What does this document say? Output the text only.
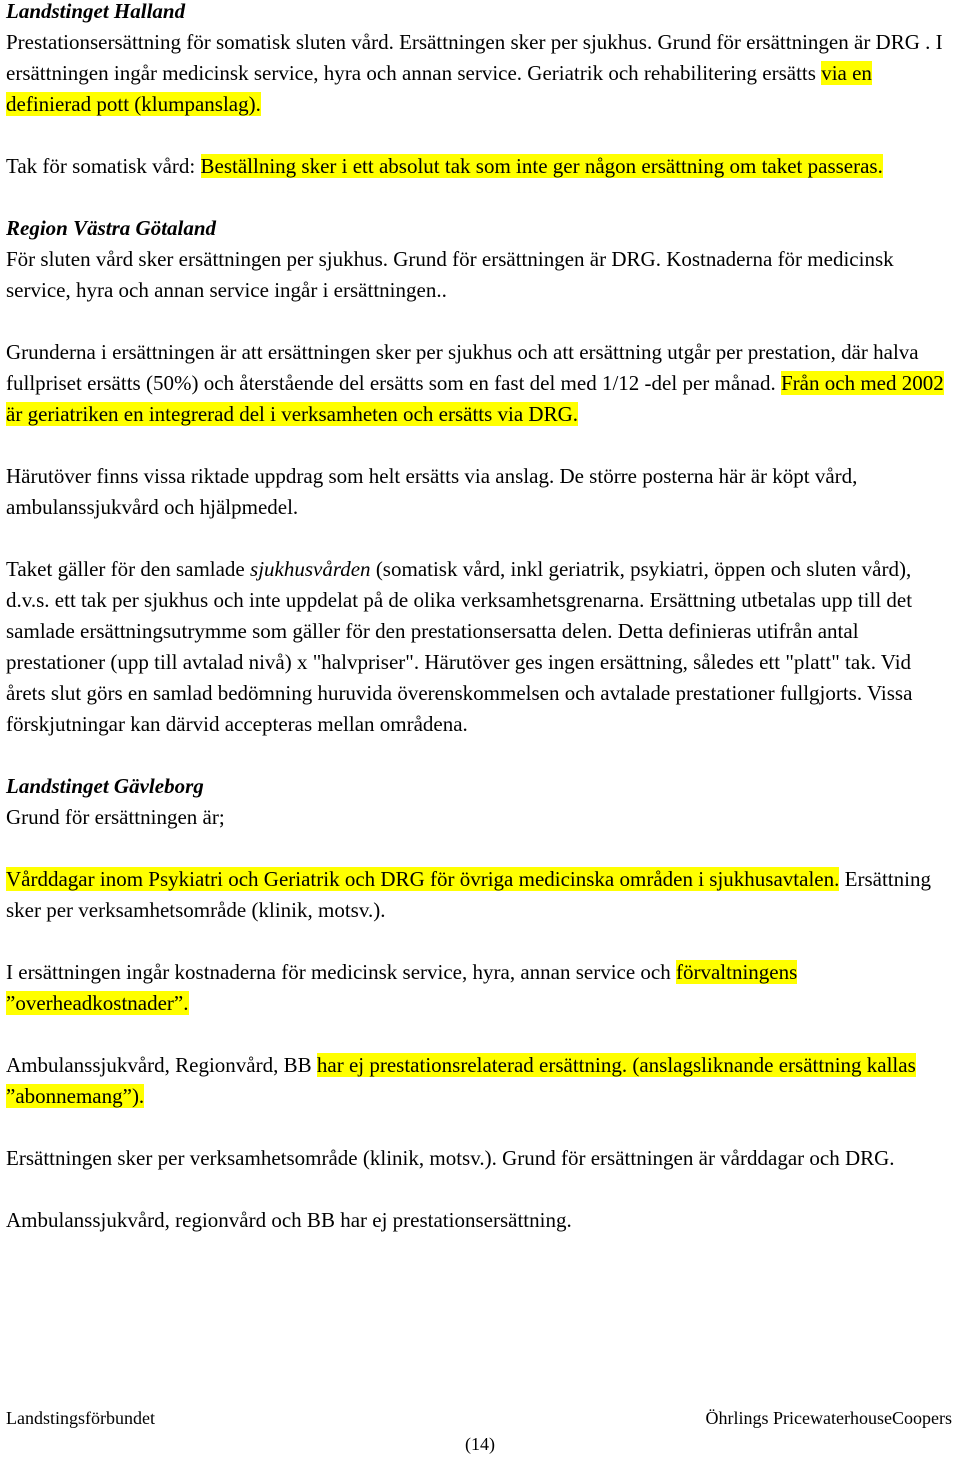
Landstinget Halland

Prestationsersättning för somatisk sluten vård. Ersättningen sker per sjukhus. Grund för ersättningen är DRG . I ersättningen ingår medicinsk service, hyra och annan service. Geriatrik och rehabilitering ersätts via en definierad pott (klumpanslag).

Tak för somatisk vård: Beställning sker i ett absolut tak som inte ger någon ersättning om taket passeras.

Region Västra Götaland

För sluten vård sker ersättningen per sjukhus. Grund för ersättningen är DRG. Kostnaderna för medicinsk service, hyra och annan service ingår i ersättningen..

Grunderna i ersättningen är att ersättningen sker per sjukhus och att ersättning utgår per prestation, där halva fullpriset ersätts (50%) och återstående del ersätts som en fast del med 1/12 -del per månad. Från och med 2002 är geriatriken en integrerad del i verksamheten och ersätts via DRG.

Härutöver finns vissa riktade uppdrag som helt ersätts via anslag. De större posterna här är köpt vård, ambulanssjukvård och hjälpmedel.

Taket gäller för den samlade sjukhusvården (somatisk vård, inkl geriatrik, psykiatri, öppen och sluten vård), d.v.s. ett tak per sjukhus och inte uppdelat på de olika verksamhetsgrenarna. Ersättning utbetalas upp till det samlade ersättningsutrymme som gäller för den prestationsersatta delen. Detta definieras utifrån antal prestationer (upp till avtalad nivå) x "halvpriser". Härutöver ges ingen ersättning, således ett "platt" tak. Vid årets slut görs en samlad bedömning huruvida överenskommelsen och avtalade prestationer fullgjorts. Vissa förskjutningar kan därvid accepteras mellan områdena.

Landstinget Gävleborg

Grund för ersättningen är;

Vårddagar inom Psykiatri och Geriatrik och DRG för övriga medicinska områden i sjukhusavtalen. Ersättning sker per verksamhetsområde (klinik, motsv.).

I ersättningen ingår kostnaderna för medicinsk service, hyra, annan service och förvaltningens ”overheadkostnader”.

Ambulanssjukvård, Regionvård, BB har ej prestationsrelaterad ersättning. (anslagsliknande ersättning kallas ”abonnemang”).

Ersättningen sker per verksamhetsområde (klinik, motsv.). Grund för ersättningen är vårddagar och DRG.

Ambulanssjukvård, regionvård och BB har ej prestationsersättning.

Landstingsförbundet	Öhrlings PricewaterhouseCoopers
(14)
